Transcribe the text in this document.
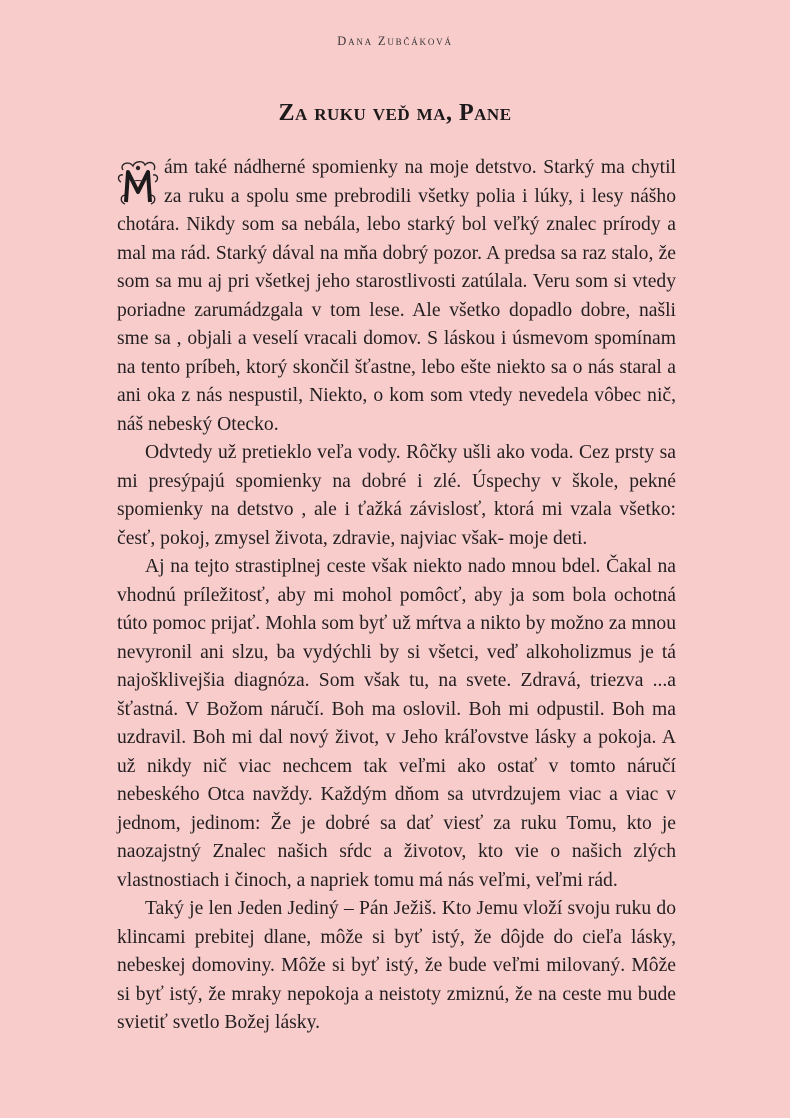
Dana Zubčáková
Za ruku veď ma, Pane

ám také nádherné spomienky na moje detstvo. Starký ma chytil za ruku a spolu sme prebrodili všetky polia i lúky, i lesy nášho chotára. Nikdy som sa nebála, lebo starký bol veľký znalec prírody a mal ma rád. Starký dával na mňa dobrý pozor. A predsa sa raz stalo, že som sa mu aj pri všetkej jeho starostlivosti zatúlala. Veru som si vtedy poriadne zarumádzgala v tom lese. Ale všetko dopadlo dobre, našli sme sa , objali a veselí vracali domov. S láskou i úsmevom spomínam na tento príbeh, ktorý skončil šťastne, lebo ešte niekto sa o nás staral a ani oka z nás nespustil, Niekto, o kom som vtedy nevedela vôbec nič, náš nebeský Otecko.

Odvtedy už pretieklo veľa vody. Rôčky ušli ako voda. Cez prsty sa mi presýpajú spomienky na dobré i zlé. Úspechy v škole, pekné spomienky na detstvo , ale i ťažká závislosť, ktorá mi vzala všetko: česť, pokoj, zmysel života, zdravie, najviac však- moje deti.

Aj na tejto strastiplnej ceste však niekto nado mnou bdel. Čakal na vhodnú príležitosť, aby mi mohol pomôcť, aby ja som bola ochotná túto pomoc prijať. Mohla som byť už mŕtva a nikto by možno za mnou nevyronil ani slzu, ba vydýchli by si všetci, veď alkoholizmus je tá najošklivejšia diagnóza. Som však tu, na svete. Zdravá, triezva ...a šťastná. V Božom náručí. Boh ma oslovil. Boh mi odpustil. Boh ma uzdravil. Boh mi dal nový život, v Jeho kráľovstve lásky a pokoja. A už nikdy nič viac nechcem tak veľmi ako ostať v tomto náručí nebeského Otca navždy. Každým dňom sa utvrdzujem viac a viac v jednom, jedinom: Že je dobré sa dať viesť za ruku Tomu, kto je naozajstný Znalec našich sŕdc a životov, kto vie o našich zlých vlastnostiach i činoch, a napriek tomu má nás veľmi, veľmi rád.

Taký je len Jeden Jediný – Pán Ježiš. Kto Jemu vloží svoju ruku do klincami prebitej dlane, môže si byť istý, že dôjde do cieľa lásky, nebeskej domoviny. Môže si byť istý, že bude veľmi milovaný. Môže si byť istý, že mraky nepokoja a neistoty zmiznú, že na ceste mu bude svietiť svetlo Božej lásky.
